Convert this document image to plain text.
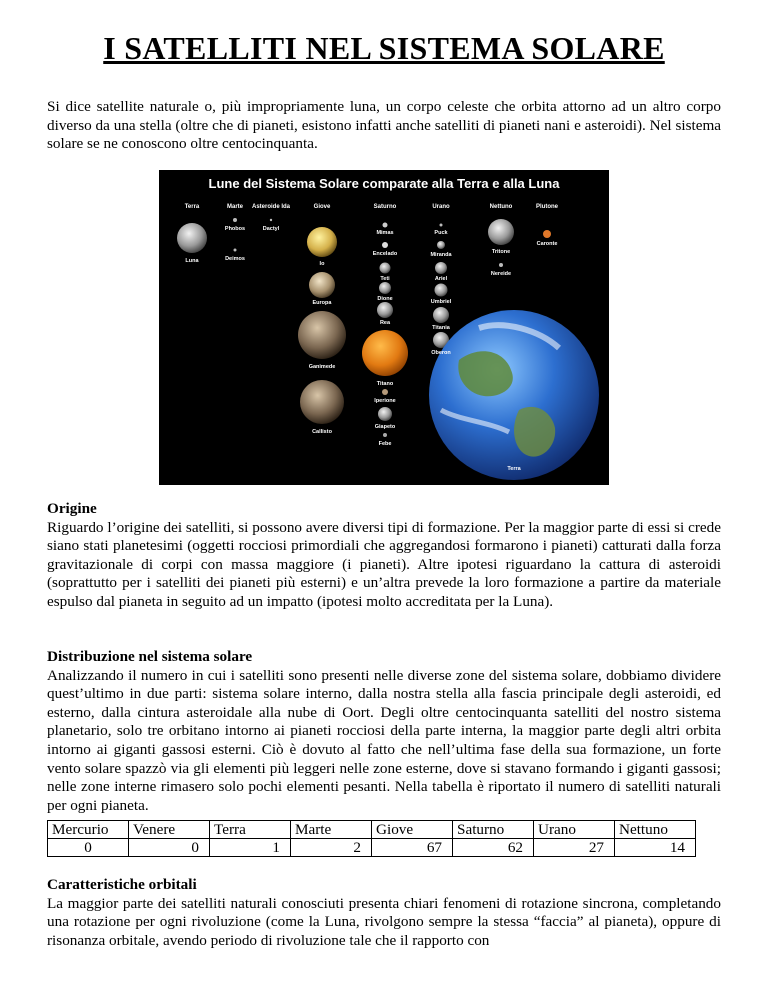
I SATELLITI NEL SISTEMA SOLARE

Si dice satellite naturale o, più impropriamente luna, un corpo celeste che orbita attorno ad un altro corpo diverso da una stella (oltre che di pianeti, esistono infatti anche satelliti di pianeti nani e asteroidi). Nel sistema solare se ne conoscono oltre centocinquanta.

Lune del Sistema Solare comparate alla Terra e alla Luna
Terra	Marte Asteroide Ida	Giove	Saturno	Urano	Nettuno	Plutone
Luna
Phobos
Deimos
Dactyl
Io
Europa
Ganimede
Callisto
Mimas
Encelado
Teti
Dione
Rea
Titano
Iperione
Giapeto
Febe
Puck
Miranda
Ariel
Umbriel
Titania
Oberon
Tritone
Nereide
Caronte
Terra
Origine

Riguardo l’origine dei satelliti, si possono avere diversi tipi di formazione. Per la maggior parte di essi si crede siano stati planetesimi (oggetti rocciosi primordiali che aggregandosi formarono i pianeti) catturati dalla forza gravitazionale di corpi con massa maggiore (i pianeti). Altre ipotesi riguardano la cattura di asteroidi (soprattutto per i satelliti dei pianeti più esterni) e un’altra prevede la loro formazione a partire da materiale espulso dal pianeta in seguito ad un impatto (ipotesi molto accreditata per la Luna).

Distribuzione nel sistema solare

Analizzando il numero in cui i satelliti sono presenti nelle diverse zone del sistema solare, dobbiamo dividere quest’ultimo in due parti: sistema solare interno, dalla nostra stella alla fascia principale degli asteroidi, ed esterno, dalla cintura asteroidale alla nube di Oort. Degli oltre centocinquanta satelliti del nostro sistema planetario, solo tre orbitano intorno ai pianeti rocciosi della parte interna, la maggior parte degli altri orbita intorno ai giganti gassosi esterni. Ciò è dovuto al fatto che nell’ultima fase della sua formazione, un forte vento solare spazzò via gli elementi più leggeri nelle zone esterne, dove si stavano formando i giganti gassosi; nelle zone interne rimasero solo pochi elementi pesanti. Nella tabella è riportato il numero di satelliti naturali per ogni pianeta.

Mercurio	Venere	Terra	Marte	Giove	Saturno	Urano	Nettuno
0	0	1	2	67	62	27	14
Caratteristiche orbitali

La maggior parte dei satelliti naturali conosciuti presenta chiari fenomeni di rotazione sincrona, completando una rotazione per ogni rivoluzione (come la Luna, rivolgono sempre la stessa “faccia” al pianeta), oppure di risonanza orbitale, avendo periodo di rivoluzione tale che il rapporto con
